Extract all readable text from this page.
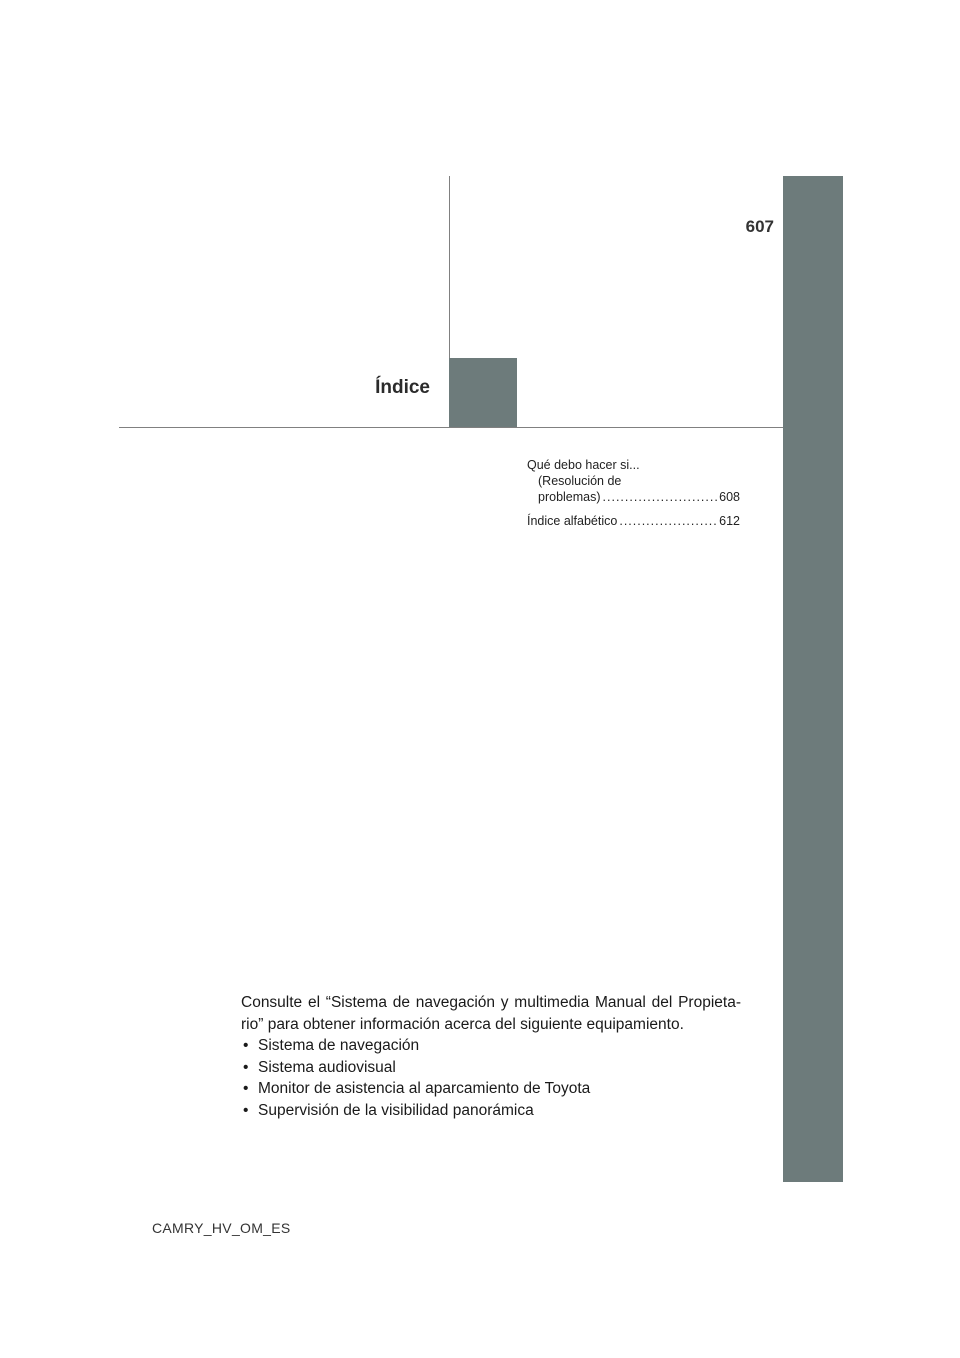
607
Índice
Qué debo hacer si...
(Resolución de
problemas) .....	608
Índice alfabético .....	612

Consulte el “Sistema de navegación y multimedia Manual del Propieta-rio” para obtener información acerca del siguiente equipamiento.

• Sistema de navegación
• Sistema audiovisual
• Monitor de asistencia al aparcamiento de Toyota
• Supervisión de la visibilidad panorámica
CAMRY_HV_OM_ES
